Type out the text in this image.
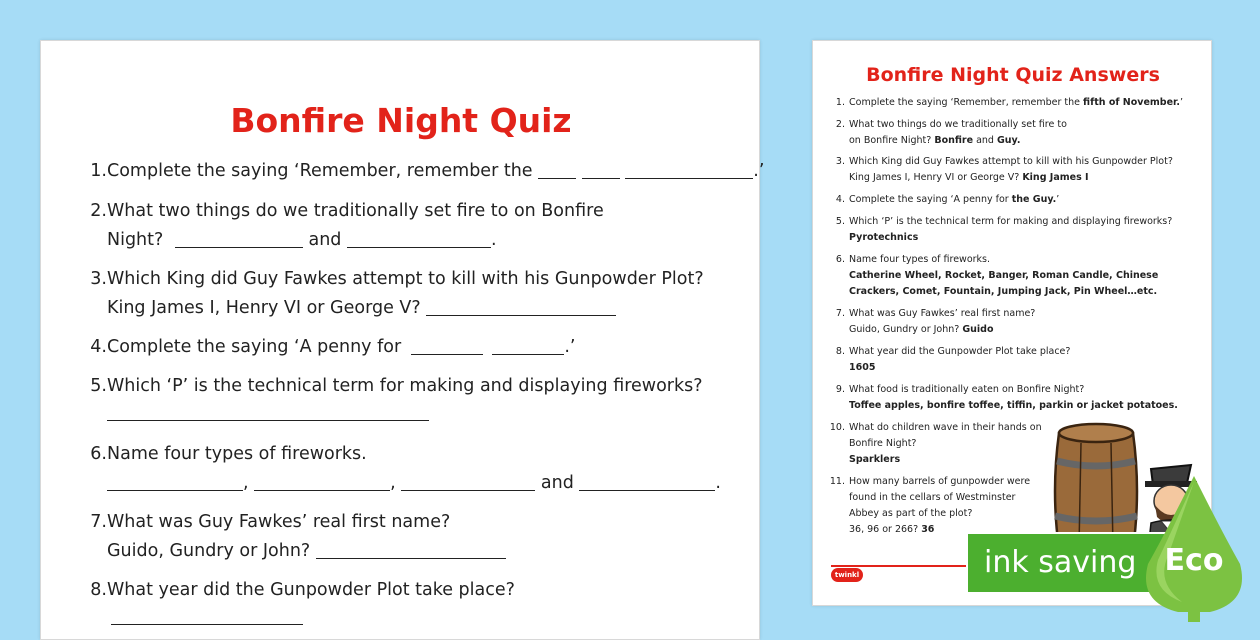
Bonfire Night Quiz
1. Complete the saying ‘Remember, remember the	.’
2. What two things do we traditionally set fire to on Bonfire
Night?	and	.
3. Which King did Guy Fawkes attempt to kill with his Gunpowder Plot?
King James I, Henry VI or George V?
4. Complete the saying ‘A penny for	.’
5. Which ‘P’ is the technical term for making and displaying fireworks?
6. Name four types of fireworks.
,	,	and	.
7. What was Guy Fawkes’ real first name?
Guido, Gundry or John?
8. What year did the Gunpowder Plot take place?
Bonfire Night Quiz Answers
1. Complete the saying ‘Remember, remember the fifth of November.’
2. What two things do we traditionally set fire to
on Bonfire Night? Bonfire and Guy.
3. Which King did Guy Fawkes attempt to kill with his Gunpowder Plot?
King James I, Henry VI or George V? King James I
4. Complete the saying ‘A penny for the Guy.’
5. Which ‘P’ is the technical term for making and displaying fireworks?
Pyrotechnics
6. Name four types of fireworks.
Catherine Wheel, Rocket, Banger, Roman Candle, Chinese
Crackers, Comet, Fountain, Jumping Jack, Pin Wheel…etc.
7. What was Guy Fawkes’ real first name?
Guido, Gundry or John? Guido
8. What year did the Gunpowder Plot take place?
1605
9. What food is traditionally eaten on Bonfire Night?
Toffee apples, bonfire toffee, tiffin, parkin or jacket potatoes.
10. What do children wave in their hands on
Bonfire Night?
Sparklers
11. How many barrels of gunpowder were
found in the cellars of Westminster
Abbey as part of the plot?
36, 96 or 266? 36
twinkl	ink saving Eco
